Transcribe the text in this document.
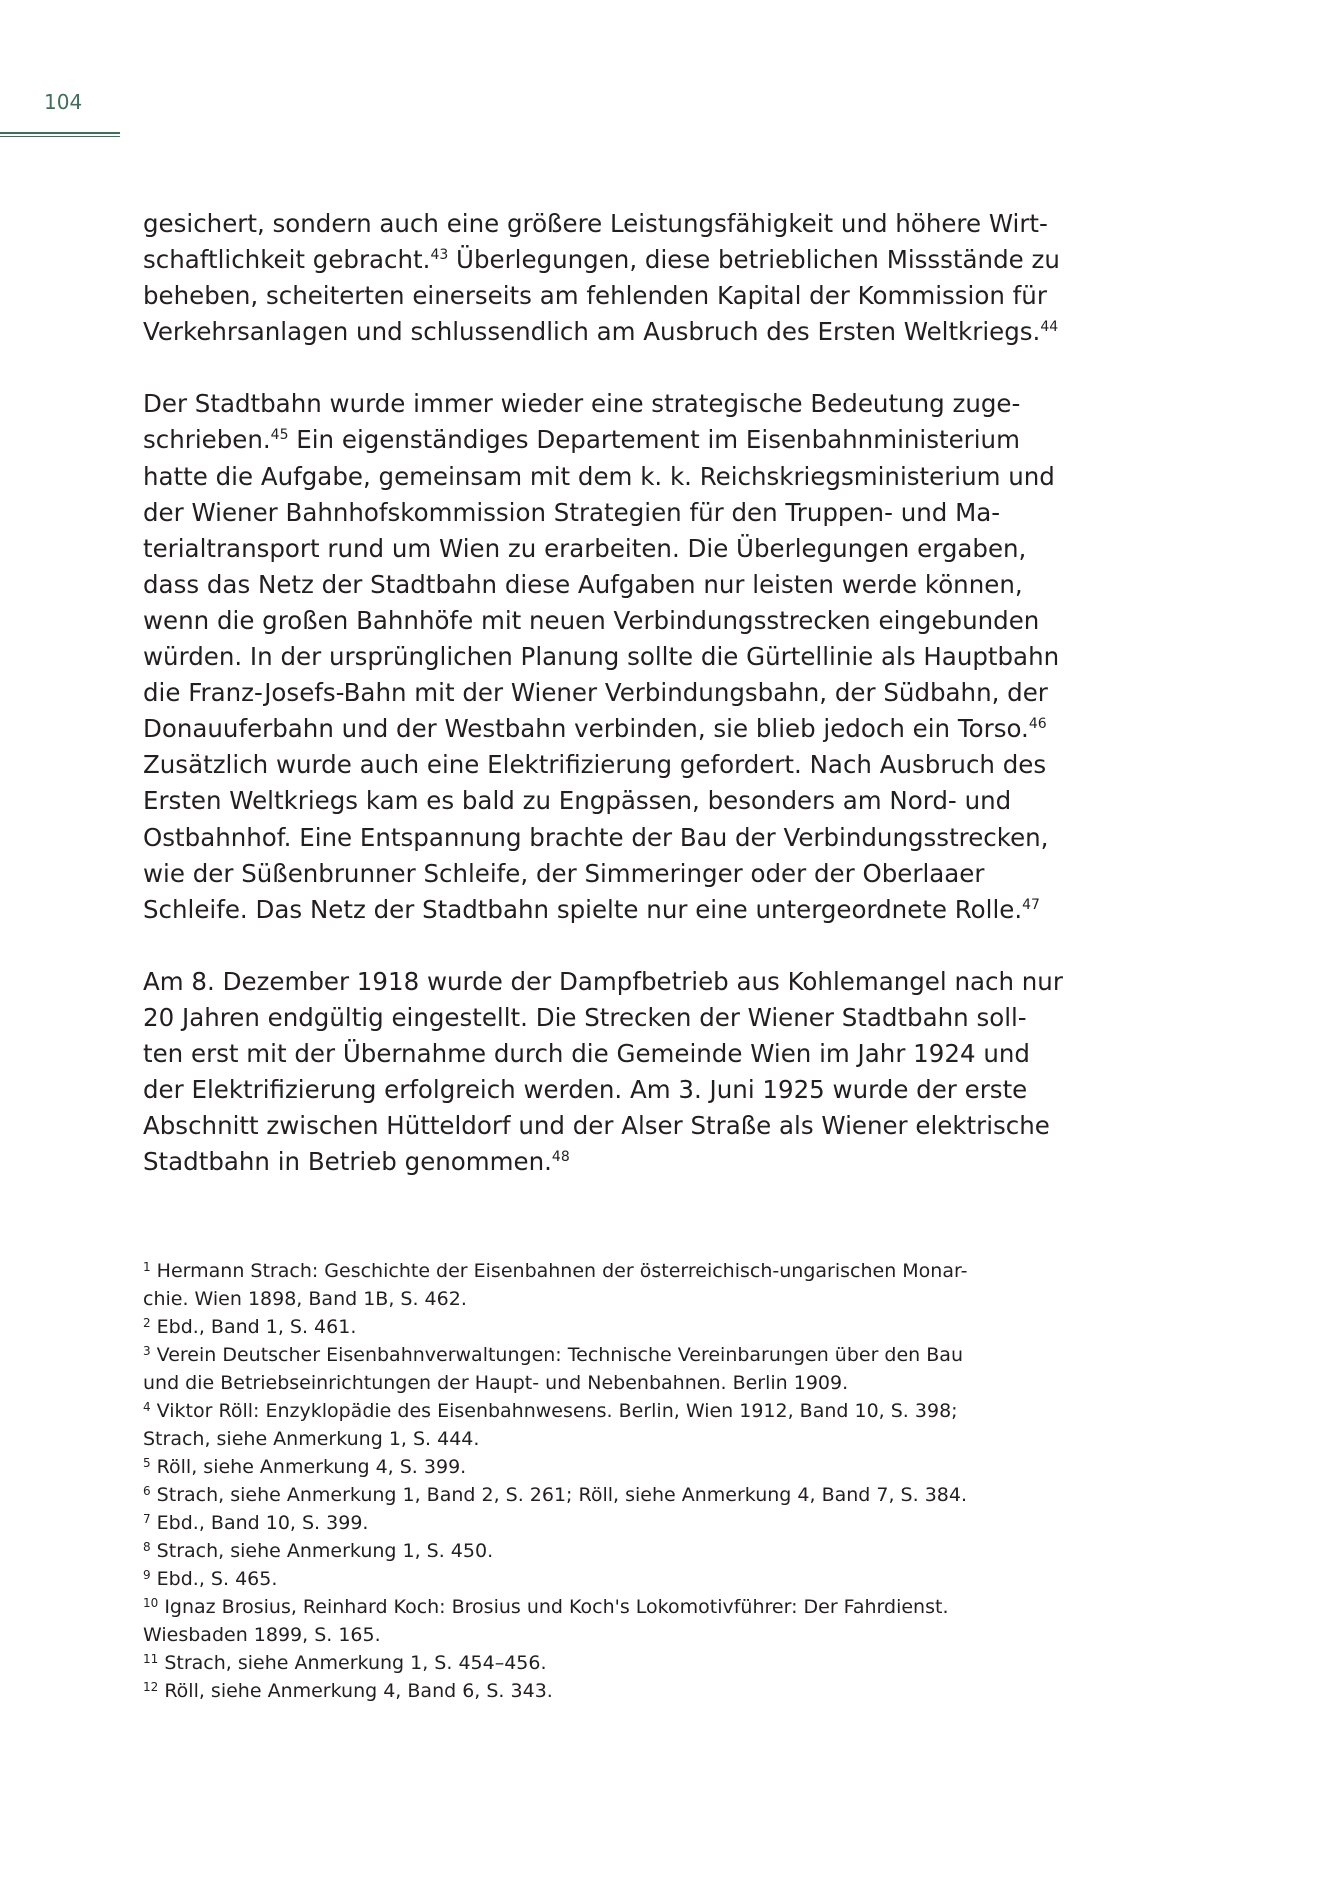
104

gesichert, sondern auch eine größere Leistungsfähigkeit und höhere Wirt-
schaftlichkeit gebracht.$^{43}$ Überlegungen, diese betrieblichen Missstände zu
beheben, scheiterten einerseits am fehlenden Kapital der Kommission für
Verkehrsanlagen und schlussendlich am Ausbruch des Ersten Weltkriegs.$^{44}$

Der Stadtbahn wurde immer wieder eine strategische Bedeutung zuge-
schrieben.$^{45}$ Ein eigenständiges Departement im Eisenbahnministerium
hatte die Aufgabe, gemeinsam mit dem k. k. Reichskriegsministerium und
der Wiener Bahnhofskommission Strategien für den Truppen- und Ma-
terialtransport rund um Wien zu erarbeiten. Die Überlegungen ergaben,
dass das Netz der Stadtbahn diese Aufgaben nur leisten werde können,
wenn die großen Bahnhöfe mit neuen Verbindungsstrecken eingebunden
würden. In der ursprünglichen Planung sollte die Gürtellinie als Hauptbahn
die Franz-Josefs-Bahn mit der Wiener Verbindungsbahn, der Südbahn, der
Donauuferbahn und der Westbahn verbinden, sie blieb jedoch ein Torso.$^{46}$
Zusätzlich wurde auch eine Elektrifizierung gefordert. Nach Ausbruch des
Ersten Weltkriegs kam es bald zu Engpässen, besonders am Nord- und
Ostbahnhof. Eine Entspannung brachte der Bau der Verbindungsstrecken,
wie der Süßenbrunner Schleife, der Simmeringer oder der Oberlaaer
Schleife. Das Netz der Stadtbahn spielte nur eine untergeordnete Rolle.$^{47}$

Am 8. Dezember 1918 wurde der Dampfbetrieb aus Kohlemangel nach nur
20 Jahren endgültig eingestellt. Die Strecken der Wiener Stadtbahn soll-
ten erst mit der Übernahme durch die Gemeinde Wien im Jahr 1924 und
der Elektrifizierung erfolgreich werden. Am 3. Juni 1925 wurde der erste
Abschnitt zwischen Hütteldorf und der Alser Straße als Wiener elektrische
Stadtbahn in Betrieb genommen.$^{48}$

$^1$ Hermann Strach: Geschichte der Eisenbahnen der österreichisch-ungarischen Monar-
chie. Wien 1898, Band 1B, S. 462.
$^2$ Ebd., Band 1, S. 461.
$^3$ Verein Deutscher Eisenbahnverwaltungen: Technische Vereinbarungen über den Bau
und die Betriebseinrichtungen der Haupt- und Nebenbahnen. Berlin 1909.
$^4$ Viktor Röll: Enzyklopädie des Eisenbahnwesens. Berlin, Wien 1912, Band 10, S. 398;
Strach, siehe Anmerkung 1, S. 444.
$^5$ Röll, siehe Anmerkung 4, S. 399.
$^6$ Strach, siehe Anmerkung 1, Band 2, S. 261; Röll, siehe Anmerkung 4, Band 7, S. 384.
$^7$ Ebd., Band 10, S. 399.
$^8$ Strach, siehe Anmerkung 1, S. 450.
$^9$ Ebd., S. 465.
$^{10}$ Ignaz Brosius, Reinhard Koch: Brosius und Koch's Lokomotivführer: Der Fahrdienst.
Wiesbaden 1899, S. 165.
$^{11}$ Strach, siehe Anmerkung 1, S. 454–456.
$^{12}$ Röll, siehe Anmerkung 4, Band 6, S. 343.
